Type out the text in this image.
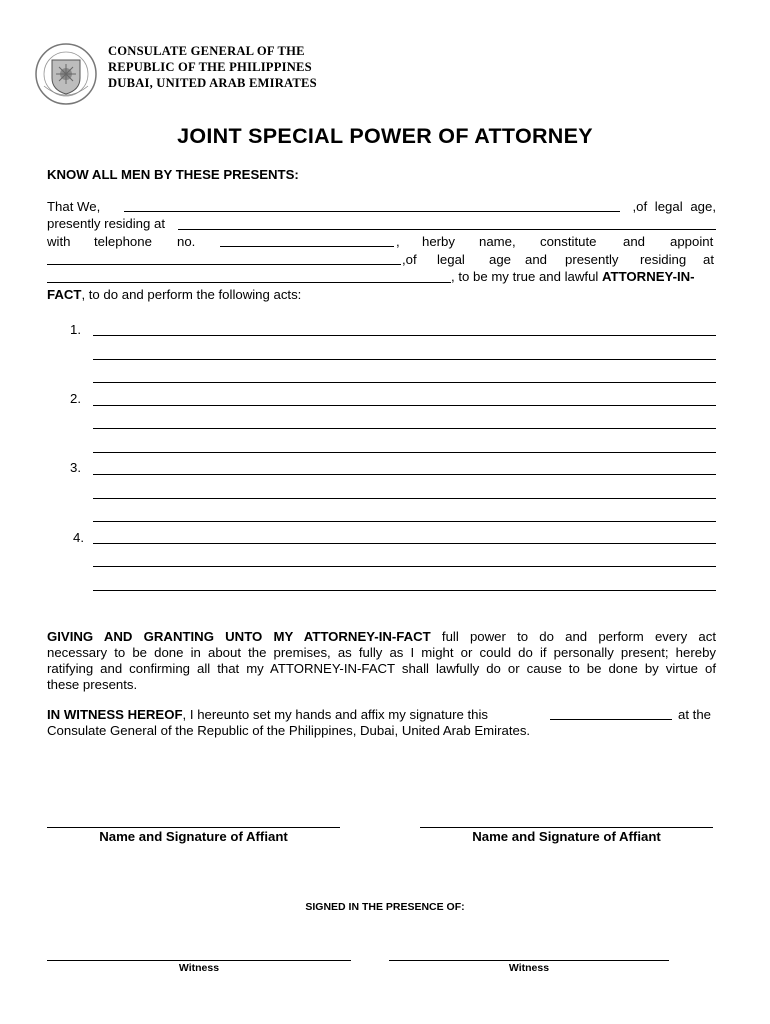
CONSULATE GENERAL OF THE
REPUBLIC OF THE PHILIPPINES
DUBAI, UNITED ARAB EMIRATES
JOINT SPECIAL POWER OF ATTORNEY
KNOW ALL MEN BY THESE PRESENTS:
That We,	,of legal age,
presently residing at
with telephone no.	, herby name, constitute and appoint
,of legal age and presently residing at
, to be my true and lawful ATTORNEY-IN-
FACT, to do and perform the following acts:
1.
2.
3.
4.
GIVING AND GRANTING UNTO MY ATTORNEY-IN-FACT full power to do and perform every act
necessary to be done in about the premises, as fully as I might or could do if personally present; hereby
ratifying and confirming all that my ATTORNEY-IN-FACT shall lawfully do or cause to be done by virtue of
these presents.
IN WITNESS HEREOF, I hereunto set my hands and affix my signature this	at the
Consulate General of the Republic of the Philippines, Dubai, United Arab Emirates.
Name and Signature of Affiant	Name and Signature of Affiant
SIGNED IN THE PRESENCE OF:
Witness	Witness
